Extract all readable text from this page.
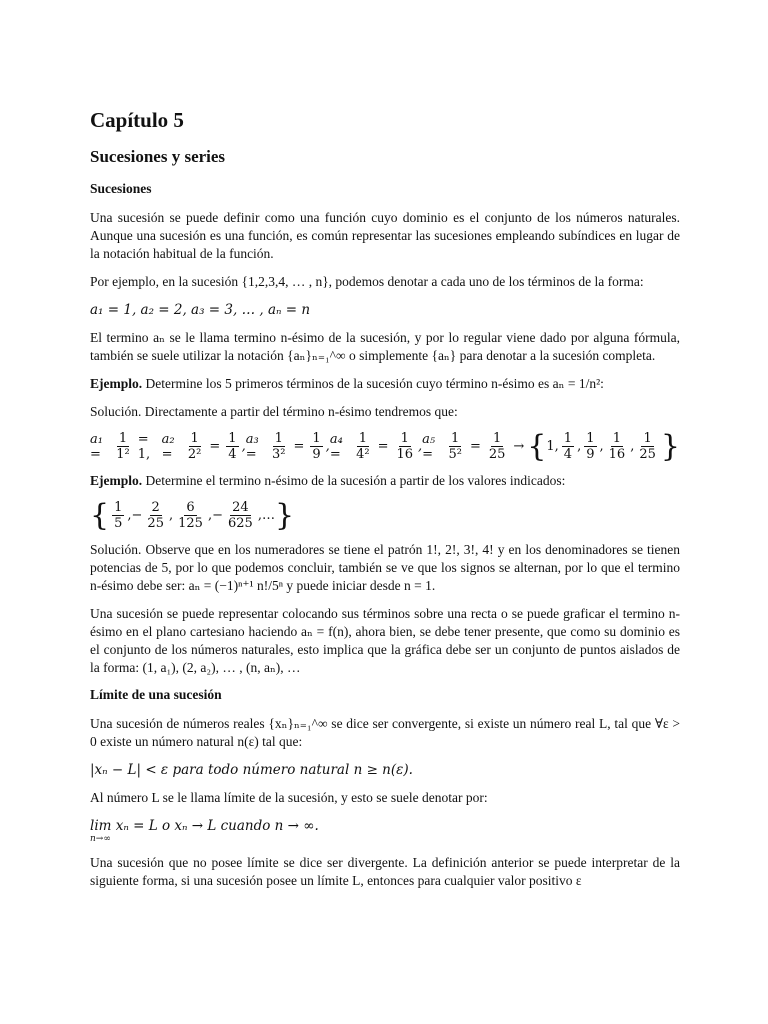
Capítulo 5
Sucesiones y series
Sucesiones

Una sucesión se puede definir como una función cuyo dominio es el conjunto de los números naturales. Aunque una sucesión es una función, es común representar las sucesiones empleando subíndices en lugar de la notación habitual de la función.

Por ejemplo, en la sucesión {1,2,3,4, … , n}, podemos denotar a cada uno de los términos de la forma:

a₁ = 1, a₂ = 2, a₃ = 3, … , aₙ = n

El termino aₙ se le llama termino n-ésimo de la sucesión, y por lo regular viene dado por alguna fórmula, también se suele utilizar la notación {aₙ}ₙ₌₁^∞ o simplemente {aₙ} para denotar a la sucesión completa.

Ejemplo. Determine los 5 primeros términos de la sucesión cuyo término n-ésimo es aₙ = 1/n²:

Solución. Directamente a partir del término n-ésimo tendremos que:

a₁ =	$\frac{1}{\text{1²}} = 1$,
a₂ =	$\frac{1}{\text{2²}} = \frac{1}{4}$ , a₃ =	$\frac{1}{\text{3²}} = \frac{1}{9}$ , a₄ =	$\frac{1}{\text{4²}} = \frac{1}{16}$ , a₅ =	$\frac{1}{\text{5²}} = \frac{1}{25}$ → { 1, $\frac{1}{4}$ , $\frac{1}{9}$ , $\frac{1}{16}$ , $\frac{1}{25}$ }

Ejemplo. Determine el termino n-ésimo de la sucesión a partir de los valores indicados:

{ $\frac{1}{5}$ , − $\frac{2}{25}$ , $\frac{6}{125}$ , − $\frac{24}{625}$ , … }

Solución. Observe que en los numeradores se tiene el patrón 1!, 2!, 3!, 4! y en los denominadores se tienen potencias de 5, por lo que podemos concluir, también se ve que los signos se alternan, por lo que el termino n-ésimo debe ser: aₙ = (−1)ⁿ⁺¹ n!/5ⁿ y puede iniciar desde n = 1.

Una sucesión se puede representar colocando sus términos sobre una recta o se puede graficar el termino n-ésimo en el plano cartesiano haciendo aₙ = f(n), ahora bien, se debe tener presente, que como su dominio es el conjunto de los números naturales, esto implica que la gráfica debe ser un conjunto de puntos aislados de la forma: (1, a₁), (2, a₂), … , (n, aₙ), …

Límite de una sucesión

Una sucesión de números reales {xₙ}ₙ₌₁^∞ se dice ser convergente, si existe un número real L, tal que ∀ε > 0 existe un número natural n(ε) tal que:

|xₙ − L| < ε para todo número natural n ≥ n(ε).

Al número L se le llama límite de la sucesión, y esto se suele denotar por:

lim xₙ = L o xₙ → L cuando n → ∞.
n→∞

Una sucesión que no posee límite se dice ser divergente. La definición anterior se puede interpretar de la siguiente forma, si una sucesión posee un límite L, entonces para cualquier valor positivo ε
